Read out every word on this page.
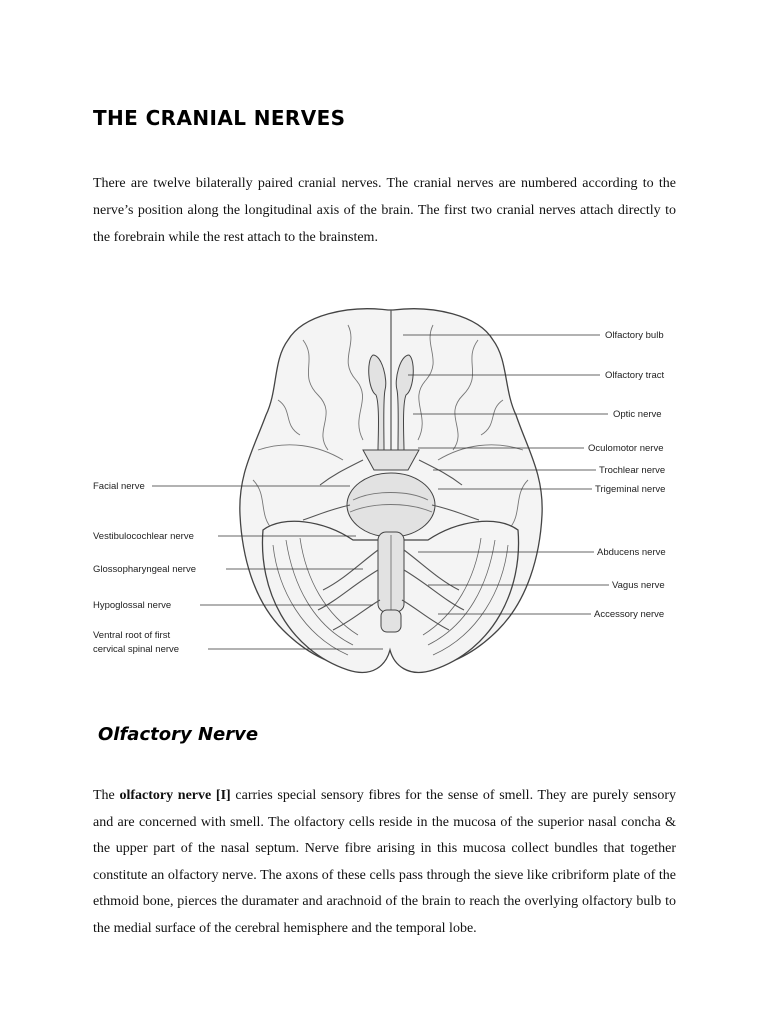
THE CRANIAL NERVES

There are twelve bilaterally paired cranial nerves. The cranial nerves are numbered according to the nerve’s position along the longitudinal axis of the brain. The first two cranial nerves attach directly to the forebrain while the rest attach to the brainstem.

Olfactory bulb
Olfactory tract
Optic nerve
Oculomotor nerve
Trochlear nerve
Trigeminal nerve
Abducens nerve
Vagus nerve
Accessory nerve
Facial nerve
Vestibulocochlear nerve
Glossopharyngeal nerve
Hypoglossal nerve
Ventral root of first
cervical spinal nerve
Olfactory Nerve

The olfactory nerve [I] carries special sensory fibres for the sense of smell. They are purely sensory and are concerned with smell. The olfactory cells reside in the mucosa of the superior nasal concha & the upper part of the nasal septum. Nerve fibre arising in this mucosa collect bundles that together constitute an olfactory nerve. The axons of these cells pass through the sieve like cribriform plate of the ethmoid bone, pierces the duramater and arachnoid of the brain to reach the overlying olfactory bulb to the medial surface of the cerebral hemisphere and the temporal lobe.
